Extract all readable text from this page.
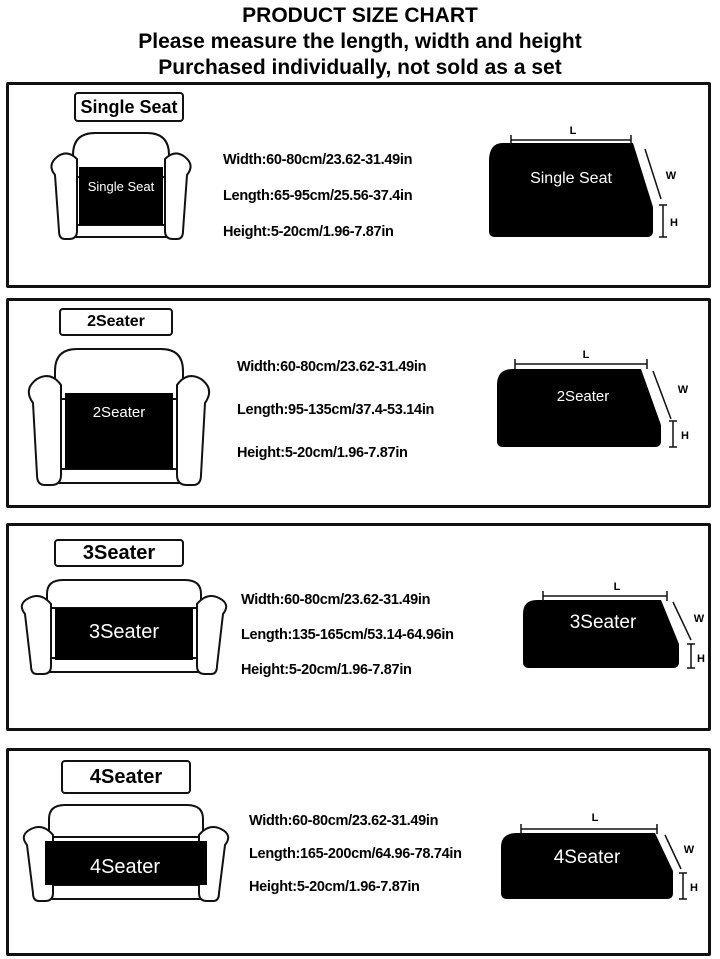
PRODUCT SIZE CHART
Please measure the length, width and height
Purchased individually, not sold as a set
Single Seat
Single Seat
Width:60-80cm/23.62-31.49in
Length:65-95cm/25.56-37.4in
Height:5-20cm/1.96-7.87in
L
W
H
Single Seat
2Seater
2Seater
Width:60-80cm/23.62-31.49in
Length:95-135cm/37.4-53.14in
Height:5-20cm/1.96-7.87in
L
W
H
2Seater
3Seater
3Seater
Width:60-80cm/23.62-31.49in
Length:135-165cm/53.14-64.96in
Height:5-20cm/1.96-7.87in
L
W
H
3Seater
4Seater
4Seater
Width:60-80cm/23.62-31.49in
Length:165-200cm/64.96-78.74in
Height:5-20cm/1.96-7.87in
L
W
H
4Seater
